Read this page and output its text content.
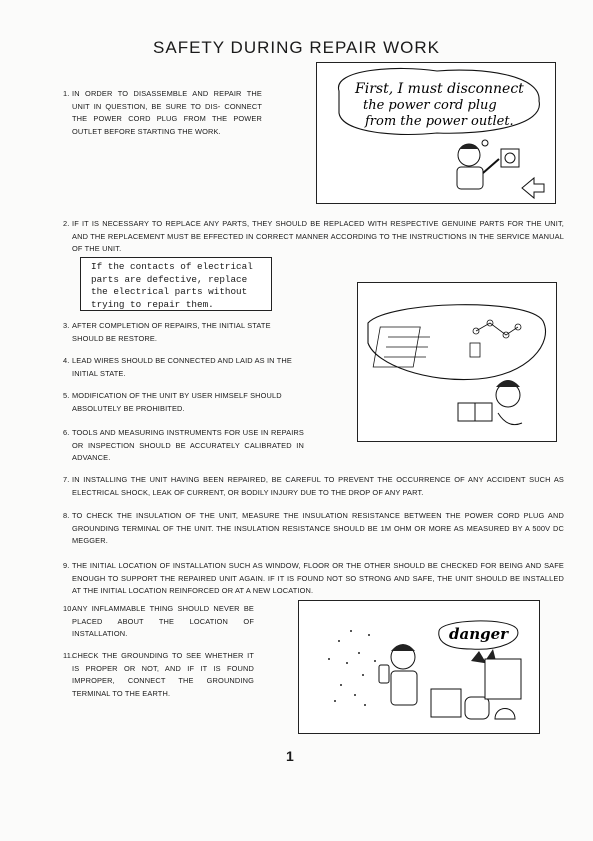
SAFETY DURING REPAIR WORK
1. IN ORDER TO DISASSEMBLE AND REPAIR THE UNIT IN QUESTION, BE SURE TO DIS- CONNECT THE POWER CORD PLUG FROM THE POWER OUTLET BEFORE STARTING THE WORK.
First, I must disconnect
the power cord plug
from the power outlet.
2. IF IT IS NECESSARY TO REPLACE ANY PARTS, THEY SHOULD BE REPLACED WITH RESPECTIVE GENUINE PARTS FOR THE UNIT, AND THE REPLACEMENT MUST BE EFFECTED IN CORRECT MANNER ACCORDING TO THE INSTRUCTIONS IN THE SERVICE MANUAL OF THE UNIT.
If the contacts of electrical
parts are defective, replace
the electrical parts without
trying to repair them.
3. AFTER COMPLETION OF REPAIRS, THE INITIAL STATE SHOULD BE RESTORE.
4. LEAD WIRES SHOULD BE CONNECTED AND LAID AS IN THE INITIAL STATE.
5. MODIFICATION OF THE UNIT BY USER HIMSELF SHOULD ABSOLUTELY BE PROHIBITED.
6. TOOLS AND MEASURING INSTRUMENTS FOR USE IN REPAIRS OR INSPECTION SHOULD BE ACCURATELY CALIBRATED IN ADVANCE.
7. IN INSTALLING THE UNIT HAVING BEEN REPAIRED, BE CAREFUL TO PREVENT THE OCCURRENCE OF ANY ACCIDENT SUCH AS ELECTRICAL SHOCK, LEAK OF CURRENT, OR BODILY INJURY DUE TO THE DROP OF ANY PART.
8. TO CHECK THE INSULATION OF THE UNIT, MEASURE THE INSULATION RESISTANCE BETWEEN THE POWER CORD PLUG AND GROUNDING TERMINAL OF THE UNIT. THE INSULATION RESISTANCE SHOULD BE 1M OHM OR MORE AS MEASURED BY A 500V DC MEGGER.
9. THE INITIAL LOCATION OF INSTALLATION SUCH AS WINDOW, FLOOR OR THE OTHER SHOULD BE CHECKED FOR BEING AND SAFE ENOUGH TO SUPPORT THE REPAIRED UNIT AGAIN. IF IT IS FOUND NOT SO STRONG AND SAFE, THE UNIT SHOULD BE INSTALLED AT THE INITIAL LOCATION REINFORCED OR AT A NEW LOCATION.
10.
ANY INFLAMMABLE THING SHOULD NEVER BE PLACED ABOUT THE LOCATION OF INSTALLATION.
11.
CHECK THE GROUNDING TO SEE WHETHER IT IS PROPER OR NOT, AND IF IT IS FOUND IMPROPER, CONNECT THE GROUNDING TERMINAL TO THE EARTH.
danger
1
